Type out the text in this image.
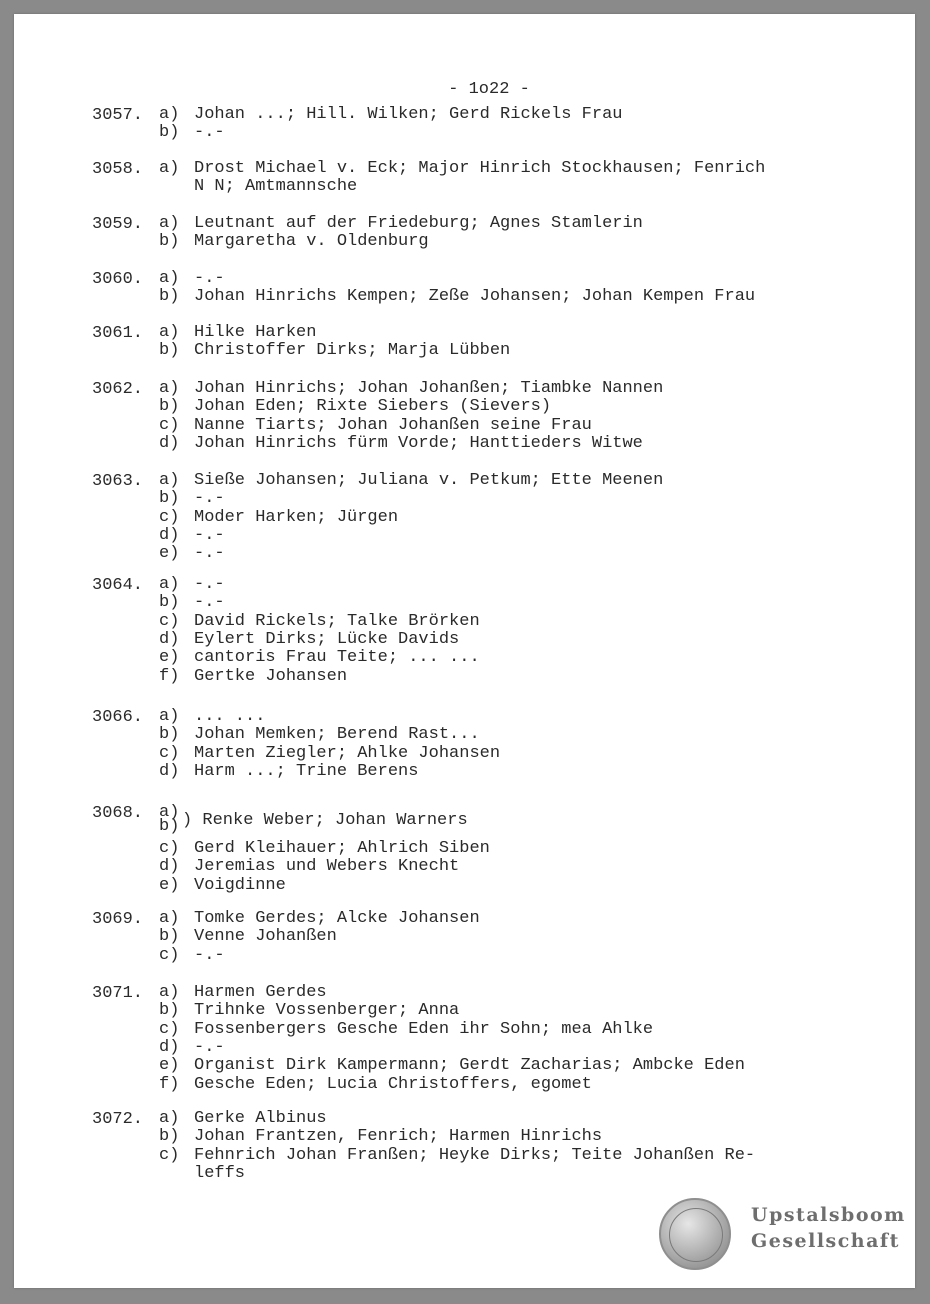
- 1o22 -
3057. a) Johan ...; Hill. Wilken; Gerd Rickels Frau
b) -.-
3058. a) Drost Michael v. Eck; Major Hinrich Stockhausen; Fenrich
N N; Amtmannsche
3059. a) Leutnant auf der Friedeburg; Agnes Stamlerin
b) Margaretha v. Oldenburg
3060. a) -.-
b) Johan Hinrichs Kempen; Zeße Johansen; Johan Kempen Frau
3061. a) Hilke Harken
b) Christoffer Dirks; Marja Lübben
3062. a) Johan Hinrichs; Johan Johanßen; Tiambke Nannen
b) Johan Eden; Rixte Siebers (Sievers)
c) Nanne Tiarts; Johan Johanßen seine Frau
d) Johan Hinrichs fürm Vorde; Hanttieders Witwe
3063. a) Sieße Johansen; Juliana v. Petkum; Ette Meenen
b) -.-
c) Moder Harken; Jürgen
d) -.-
e) -.-
3064. a) -.-
b) -.-
c) David Rickels; Talke Brörken
d) Eylert Dirks; Lücke Davids
e) cantoris Frau Teite; ... ...
f) Gertke Johansen
3066. a) ... ...
b) Johan Memken; Berend Rast...
c) Marten Ziegler; Ahlke Johansen
d) Harm ...; Trine Berens
3068. a)
b) ) Renke Weber; Johan Warners
c) Gerd Kleihauer; Ahlrich Siben
d) Jeremias und Webers Knecht
e) Voigdinne
3069. a) Tomke Gerdes; Alcke Johansen
b) Venne Johanßen
c) -.-
3071. a) Harmen Gerdes
b) Trihnke Vossenberger; Anna
c) Fossenbergers Gesche Eden ihr Sohn; mea Ahlke
d) -.-
e) Organist Dirk Kampermann; Gerdt Zacharias; Ambcke Eden
f) Gesche Eden; Lucia Christoffers, egomet
3072. a) Gerke Albinus
b) Johan Frantzen, Fenrich; Harmen Hinrichs
c) Fehnrich Johan Franßen; Heyke Dirks; Teite Johanßen Re-
leffs
Upstalsboom
Gesellschaft
